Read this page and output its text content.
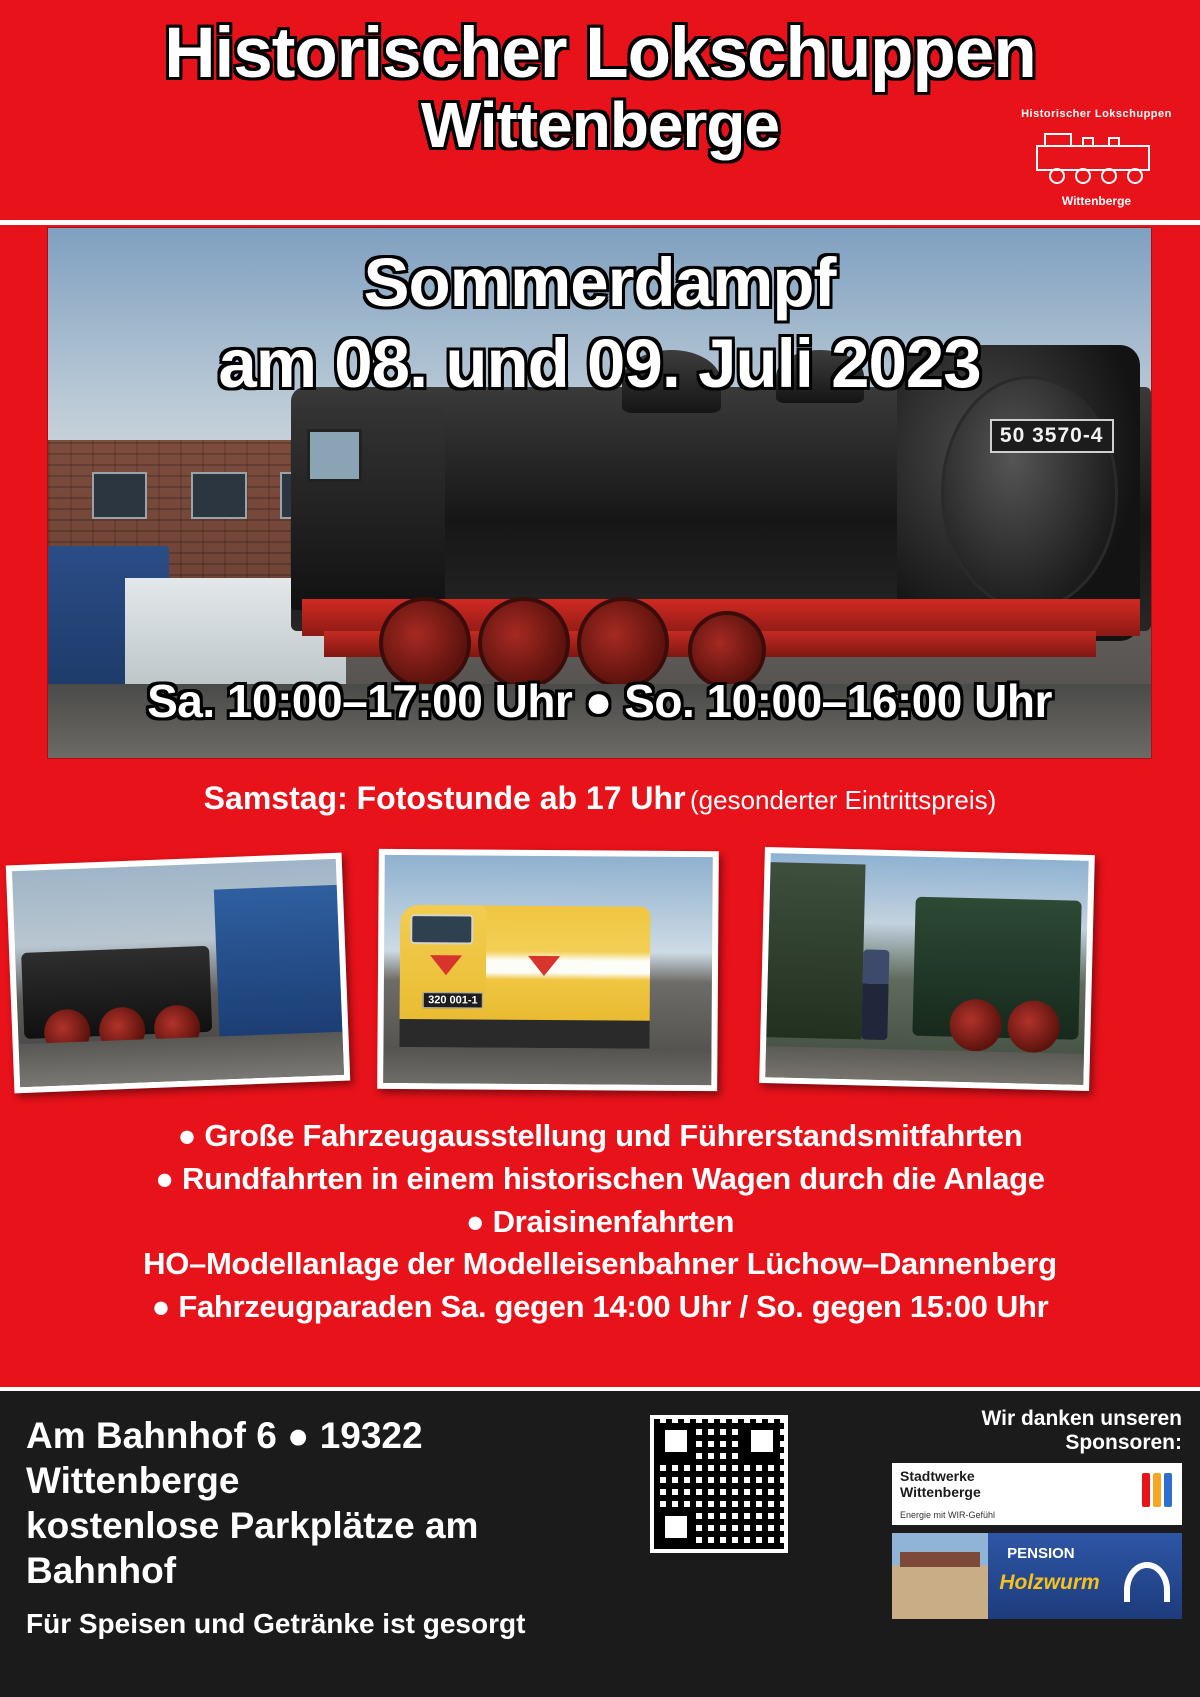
Historischer Lokschuppen
Wittenberge	Historischer Lokschuppen
Wittenberge
50 3570-4
Sommerdampf
am 08. und 09. Juli 2023
Sa. 10:00–17:00 Uhr ● So. 10:00–16:00 Uhr
Samstag: Fotostunde ab 17 Uhr (gesonderter Eintrittspreis)
320 001-1
● Große Fahrzeugausstellung und Führerstandsmitfahrten
● Rundfahrten in einem historischen Wagen durch die Anlage
● Draisinenfahrten
HO–Modellanlage der Modelleisenbahner Lüchow–Dannenberg
● Fahrzeugparaden Sa. gegen 14:00 Uhr / So. gegen 15:00 Uhr
Am Bahnhof 6 ● 19322 Wittenberge
kostenlose Parkplätze am Bahnhof
Für Speisen und Getränke ist gesorgt
Wir danken unseren Sponsoren:
Stadtwerke
Wittenberge
Energie mit WIR-Gefühl
PENSION
Holzwurm
